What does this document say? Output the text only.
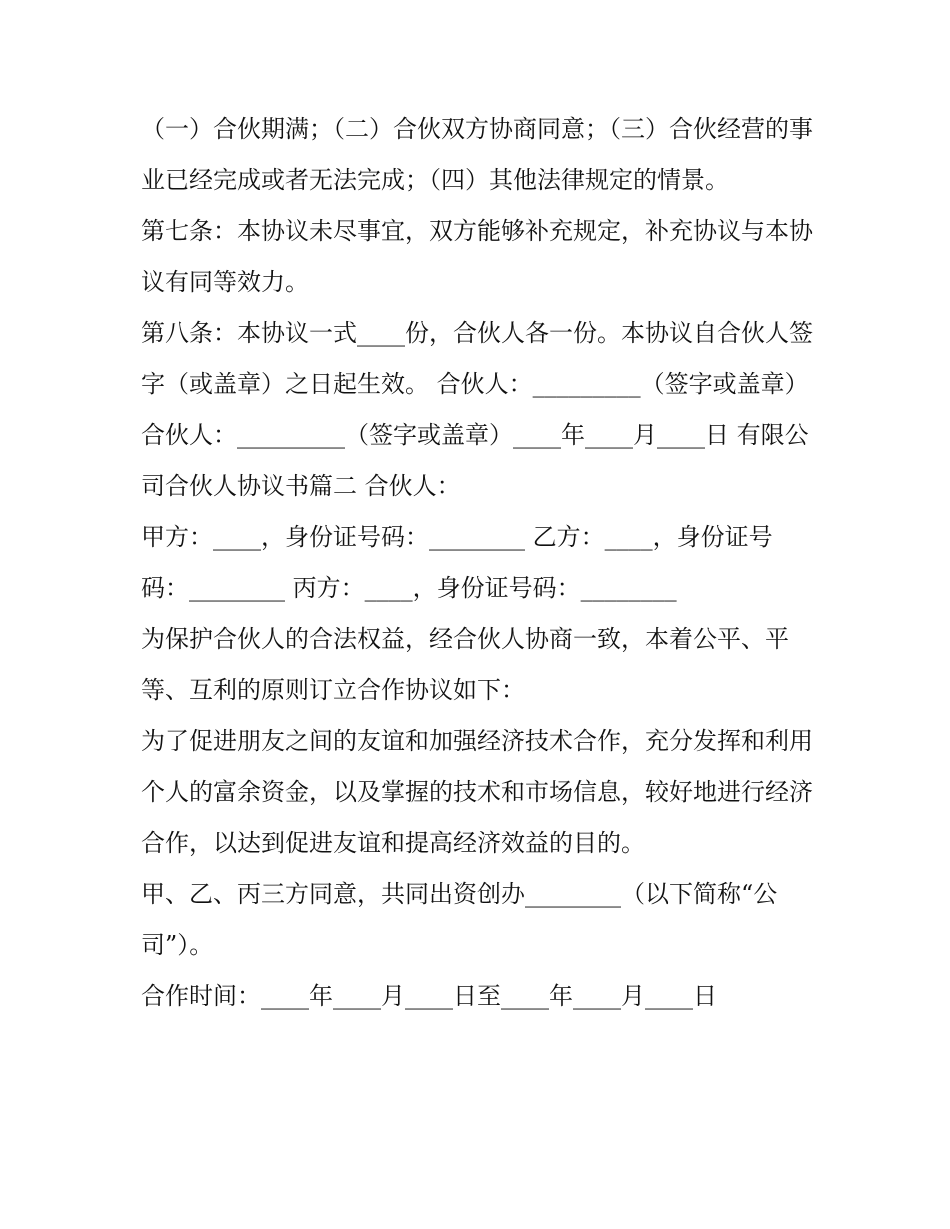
（一）合伙期满；（二）合伙双方协商同意；（三）合伙经营的事业已经完成或者无法完成；（四）其他法律规定的情景。

第七条：本协议未尽事宜，双方能够补充规定，补充协议与本协议有同等效力。

第八条：本协议一式____份，合伙人各一份。本协议自合伙人签字（或盖章）之日起生效。 合伙人：_________（签字或盖章）

合伙人：_________（签字或盖章）____年____月____日 有限公司合伙人协议书篇二 合伙人：

甲方：____，身份证号码：________ 乙方：____，身份证号码：________ 丙方：____，身份证号码：________

为保护合伙人的合法权益，经合伙人协商一致，本着公平、平等、互利的原则订立合作协议如下：

为了促进朋友之间的友谊和加强经济技术合作，充分发挥和利用个人的富余资金，以及掌握的技术和市场信息，较好地进行经济合作，以达到促进友谊和提高经济效益的目的。

甲、乙、丙三方同意，共同出资创办________（以下简称“公司”）。

合作时间：____年____月____日至____年____月____日
